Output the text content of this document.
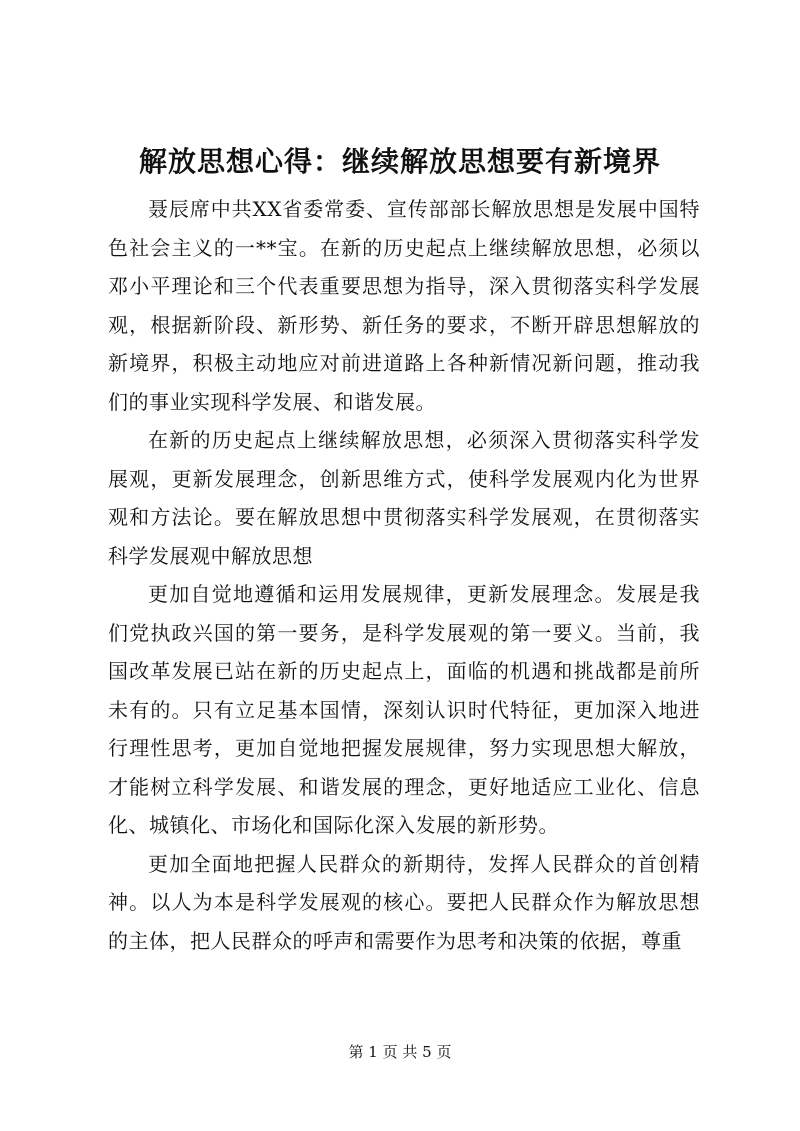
解放思想心得：继续解放思想要有新境界

聂辰席中共XX省委常委、宣传部部长解放思想是发展中国特色社会主义的一**宝。在新的历史起点上继续解放思想，必须以邓小平理论和三个代表重要思想为指导，深入贯彻落实科学发展观，根据新阶段、新形势、新任务的要求，不断开辟思想解放的新境界，积极主动地应对前进道路上各种新情况新问题，推动我们的事业实现科学发展、和谐发展。

在新的历史起点上继续解放思想，必须深入贯彻落实科学发展观，更新发展理念，创新思维方式，使科学发展观内化为世界观和方法论。要在解放思想中贯彻落实科学发展观，在贯彻落实科学发展观中解放思想

更加自觉地遵循和运用发展规律，更新发展理念。发展是我们党执政兴国的第一要务，是科学发展观的第一要义。当前，我国改革发展已站在新的历史起点上，面临的机遇和挑战都是前所未有的。只有立足基本国情，深刻认识时代特征，更加深入地进行理性思考，更加自觉地把握发展规律，努力实现思想大解放，才能树立科学发展、和谐发展的理念，更好地适应工业化、信息化、城镇化、市场化和国际化深入发展的新形势。

更加全面地把握人民群众的新期待，发挥人民群众的首创精神。以人为本是科学发展观的核心。要把人民群众作为解放思想的主体，把人民群众的呼声和需要作为思考和决策的依据，尊重

第 1 页 共 5 页
